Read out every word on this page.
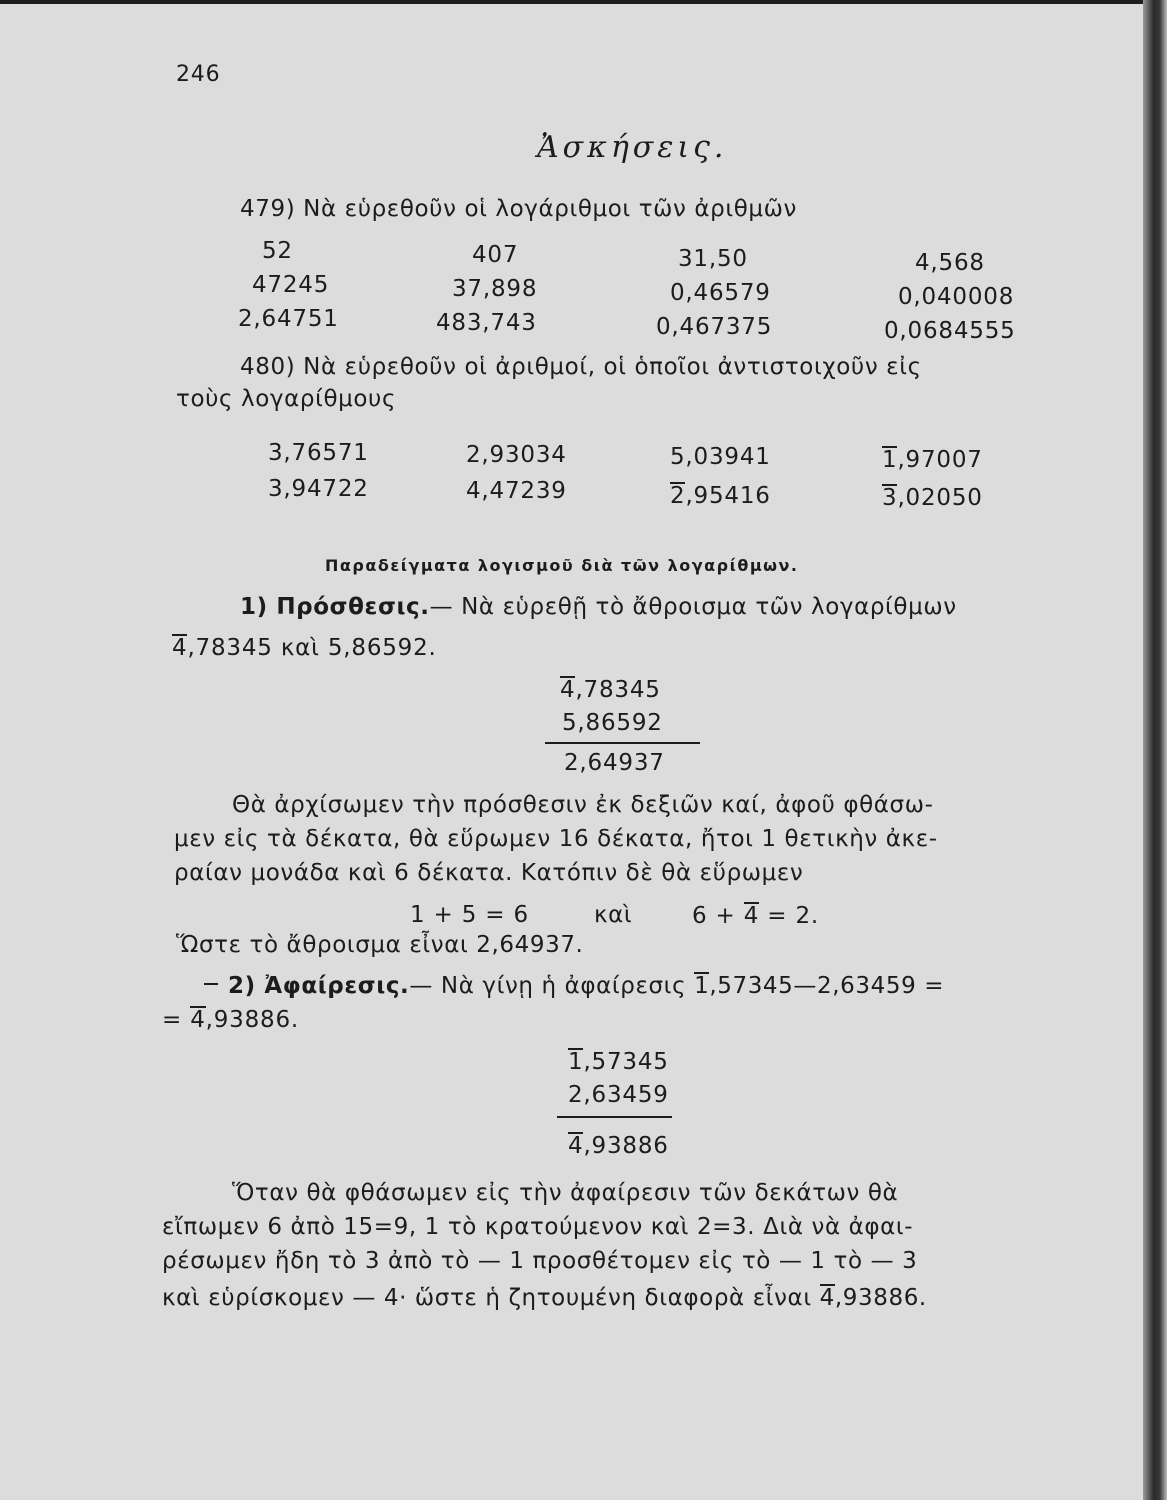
246
Ἀσκήσεις.
479) Νὰ εὑρεθοῦν οἱ λογάριθμοι τῶν ἀριθμῶν
52	407	31,50	4,568
47245	37,898	0,46579	0,040008
2,64751	483,743	0,467375	0,0684555
480) Νὰ εὑρεθοῦν οἱ ἀριθμοί, οἱ ὁποῖοι ἀντιστοιχοῦν εἰς
τοὺς λογαρίθμους
3,76571	2,93034	5,03941	1,97007
3,94722	4,47239	2,95416	3,02050
Παραδείγματα λογισμοῦ διὰ τῶν λογαρίθμων.
1) Πρόσθεσις.— Νὰ εὑρεθῇ τὸ ἄθροισμα τῶν λογαρίθμων
4,78345 καὶ 5,86592.
4,78345
5,86592
2,64937
Θὰ ἀρχίσωμεν τὴν πρόσθεσιν ἐκ δεξιῶν καί, ἀφοῦ φθάσω-
μεν εἰς τὰ δέκατα, θὰ εὕρωμεν 16 δέκατα, ἤτοι 1 θετικὴν ἀκε-
ραίαν μονάδα καὶ 6 δέκατα. Κατόπιν δὲ θὰ εὕρωμεν
1 + 5 = 6	καὶ	6 + 4 = 2.
Ὥστε τὸ ἄθροισμα εἶναι 2,64937.
2) Ἀφαίρεσις.— Νὰ γίνῃ ἡ ἀφαίρεσις 1,57345—2,63459 =
= 4,93886.
1,57345
2,63459
4,93886
Ὅταν θὰ φθάσωμεν εἰς τὴν ἀφαίρεσιν τῶν δεκάτων θὰ
εἴπωμεν 6 ἀπὸ 15=9, 1 τὸ κρατούμενον καὶ 2=3. Διὰ νὰ ἀφαι-
ρέσωμεν ἤδη τὸ 3 ἀπὸ τὸ — 1 προσθέτομεν εἰς τὸ — 1 τὸ — 3
καὶ εὑρίσκομεν — 4· ὥστε ἡ ζητουμένη διαφορὰ εἶναι 4,93886.
